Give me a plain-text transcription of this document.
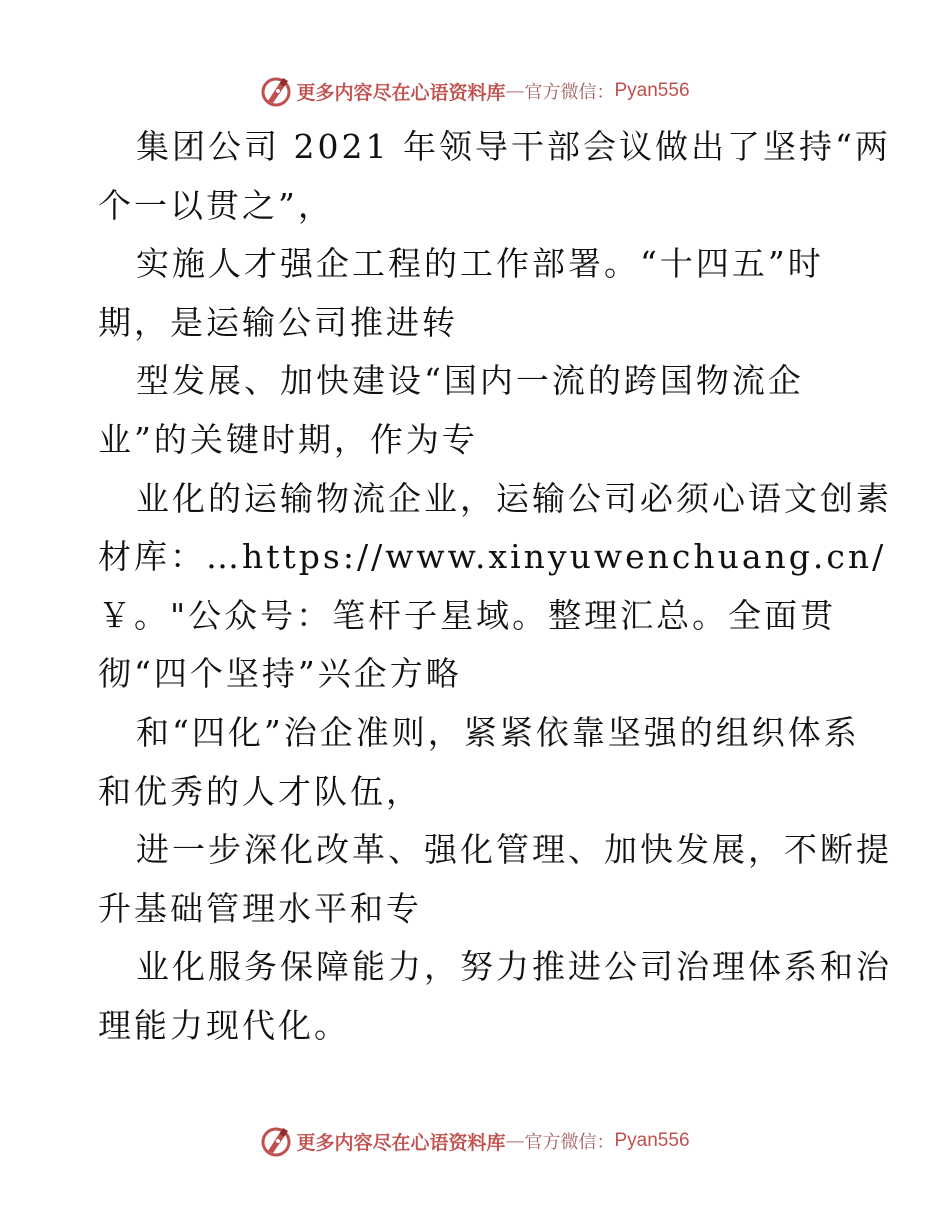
更多内容尽在心语资料库 — 官方微信： Pyan556
集团公司 2021 年领导干部会议做出了坚持“两
个一以贯之”，
实施人才强企工程的工作部署。“十四五”时
期，是运输公司推进转
型发展、加快建设“国内一流的跨国物流企
业”的关键时期，作为专
业化的运输物流企业，运输公司必须心语文创素
材库：…https://www.xinyuwenchuang.cn/
￥。"公众号：笔杆子星域。整理汇总。全面贯
彻“四个坚持”兴企方略
和“四化”治企准则，紧紧依靠坚强的组织体系
和优秀的人才队伍，
进一步深化改革、强化管理、加快发展，不断提
升基础管理水平和专
业化服务保障能力，努力推进公司治理体系和治
理能力现代化。
更多内容尽在心语资料库 — 官方微信： Pyan556
